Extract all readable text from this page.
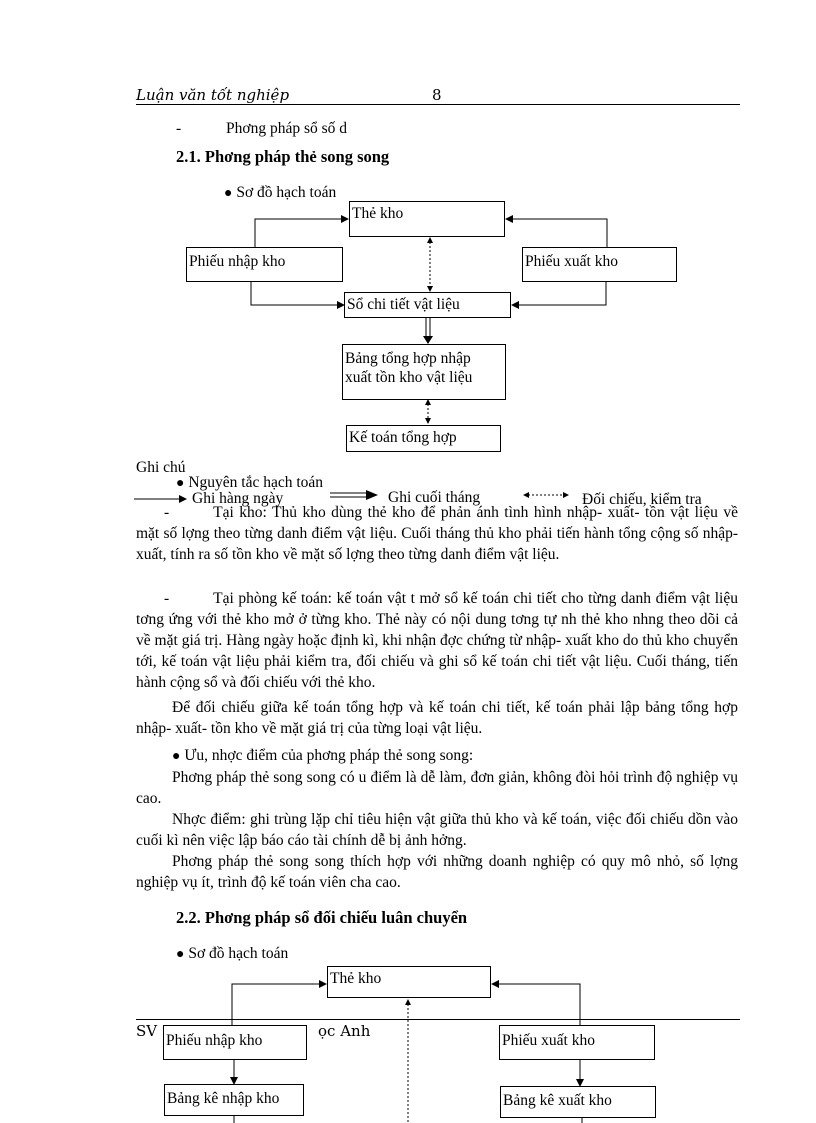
Luận văn tốt nghiệp	8
-	Phơng pháp sổ số d
2.1. Phơng pháp thẻ song song
● Sơ đồ hạch toán
Thẻ kho
Phiếu nhập kho	Phiếu xuất kho
Sổ chi tiết vật liệu
Bảng tổng hợp nhập
xuất tồn kho vật liệu
Kế toán tổng hợp
Ghi chú
● Nguyên tắc hạch toán
Ghi hàng ngày	Ghi cuối tháng	Đối chiếu, kiểm tra

-	Tại kho: Thủ kho dùng thẻ kho để phản ánh tình hình nhập- xuất- tồn vật liệu về mặt số lợng theo từng danh điểm vật liệu. Cuối tháng thủ kho phải tiến hành tổng cộng số nhập- xuất, tính ra số tồn kho về mặt số lợng theo từng danh điểm vật liệu.

-	Tại phòng kế toán: kế toán vật t mở sổ kế toán chi tiết cho từng danh điểm vật liệu tơng ứng với thẻ kho mở ở từng kho. Thẻ này có nội dung tơng tự nh thẻ kho nhng theo dõi cả về mặt giá trị. Hàng ngày hoặc định kì, khi nhận đợc chứng từ nhập- xuất kho do thủ kho chuyển tới, kế toán vật liệu phải kiểm tra, đối chiếu và ghi sổ kế toán chi tiết vật liệu. Cuối tháng, tiến hành cộng sổ và đối chiếu với thẻ kho.

Để đối chiếu giữa kế toán tổng hợp và kế toán chi tiết, kế toán phải lập bảng tổng hợp nhập- xuất- tồn kho về mặt giá trị của từng loại vật liệu.

● Ưu, nhợc điểm của phơng pháp thẻ song song:

Phơng pháp thẻ song song có u điểm là dễ làm, đơn giản, không đòi hỏi trình độ nghiệp vụ cao.

Nhợc điểm: ghi trùng lặp chỉ tiêu hiện vật giữa thủ kho và kế toán, việc đối chiếu dồn vào cuối kì nên việc lập báo cáo tài chính dễ bị ảnh hởng.

Phơng pháp thẻ song song thích hợp với những doanh nghiệp có quy mô nhỏ, số lợng nghiệp vụ ít, trình độ kế toán viên cha cao.

2.2. Phơng pháp sổ đối chiếu luân chuyển
● Sơ đồ hạch toán
Thẻ kho
SV	ọc Anh
Phiếu nhập kho	Phiếu xuất kho
Bảng kê nhập kho	Bảng kê xuất kho
